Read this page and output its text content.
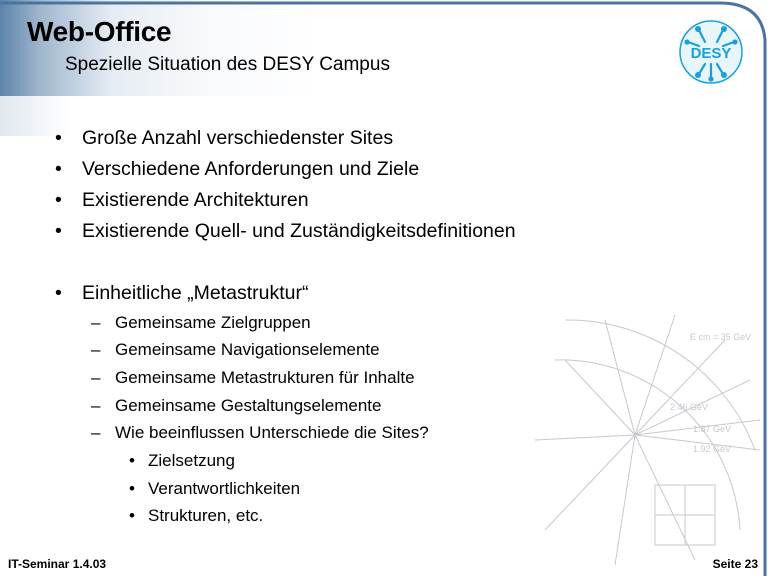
E cm = 35 GeV
2.46 GeV
1.87 GeV
1.92 GeV
Web-Office
Spezielle Situation des DESY Campus
DESY
• Große Anzahl verschiedenster Sites
• Verschiedene Anforderungen und Ziele
• Existierende Architekturen
• Existierende Quell- und Zuständigkeitsdefinitionen
• Einheitliche „Metastruktur“
– Gemeinsame Zielgruppen
– Gemeinsame Navigationselemente
– Gemeinsame Metastrukturen für Inhalte
– Gemeinsame Gestaltungselemente
– Wie beeinflussen Unterschiede die Sites?
• Zielsetzung
• Verantwortlichkeiten
• Strukturen, etc.
IT-Seminar 1.4.03	Seite 23
